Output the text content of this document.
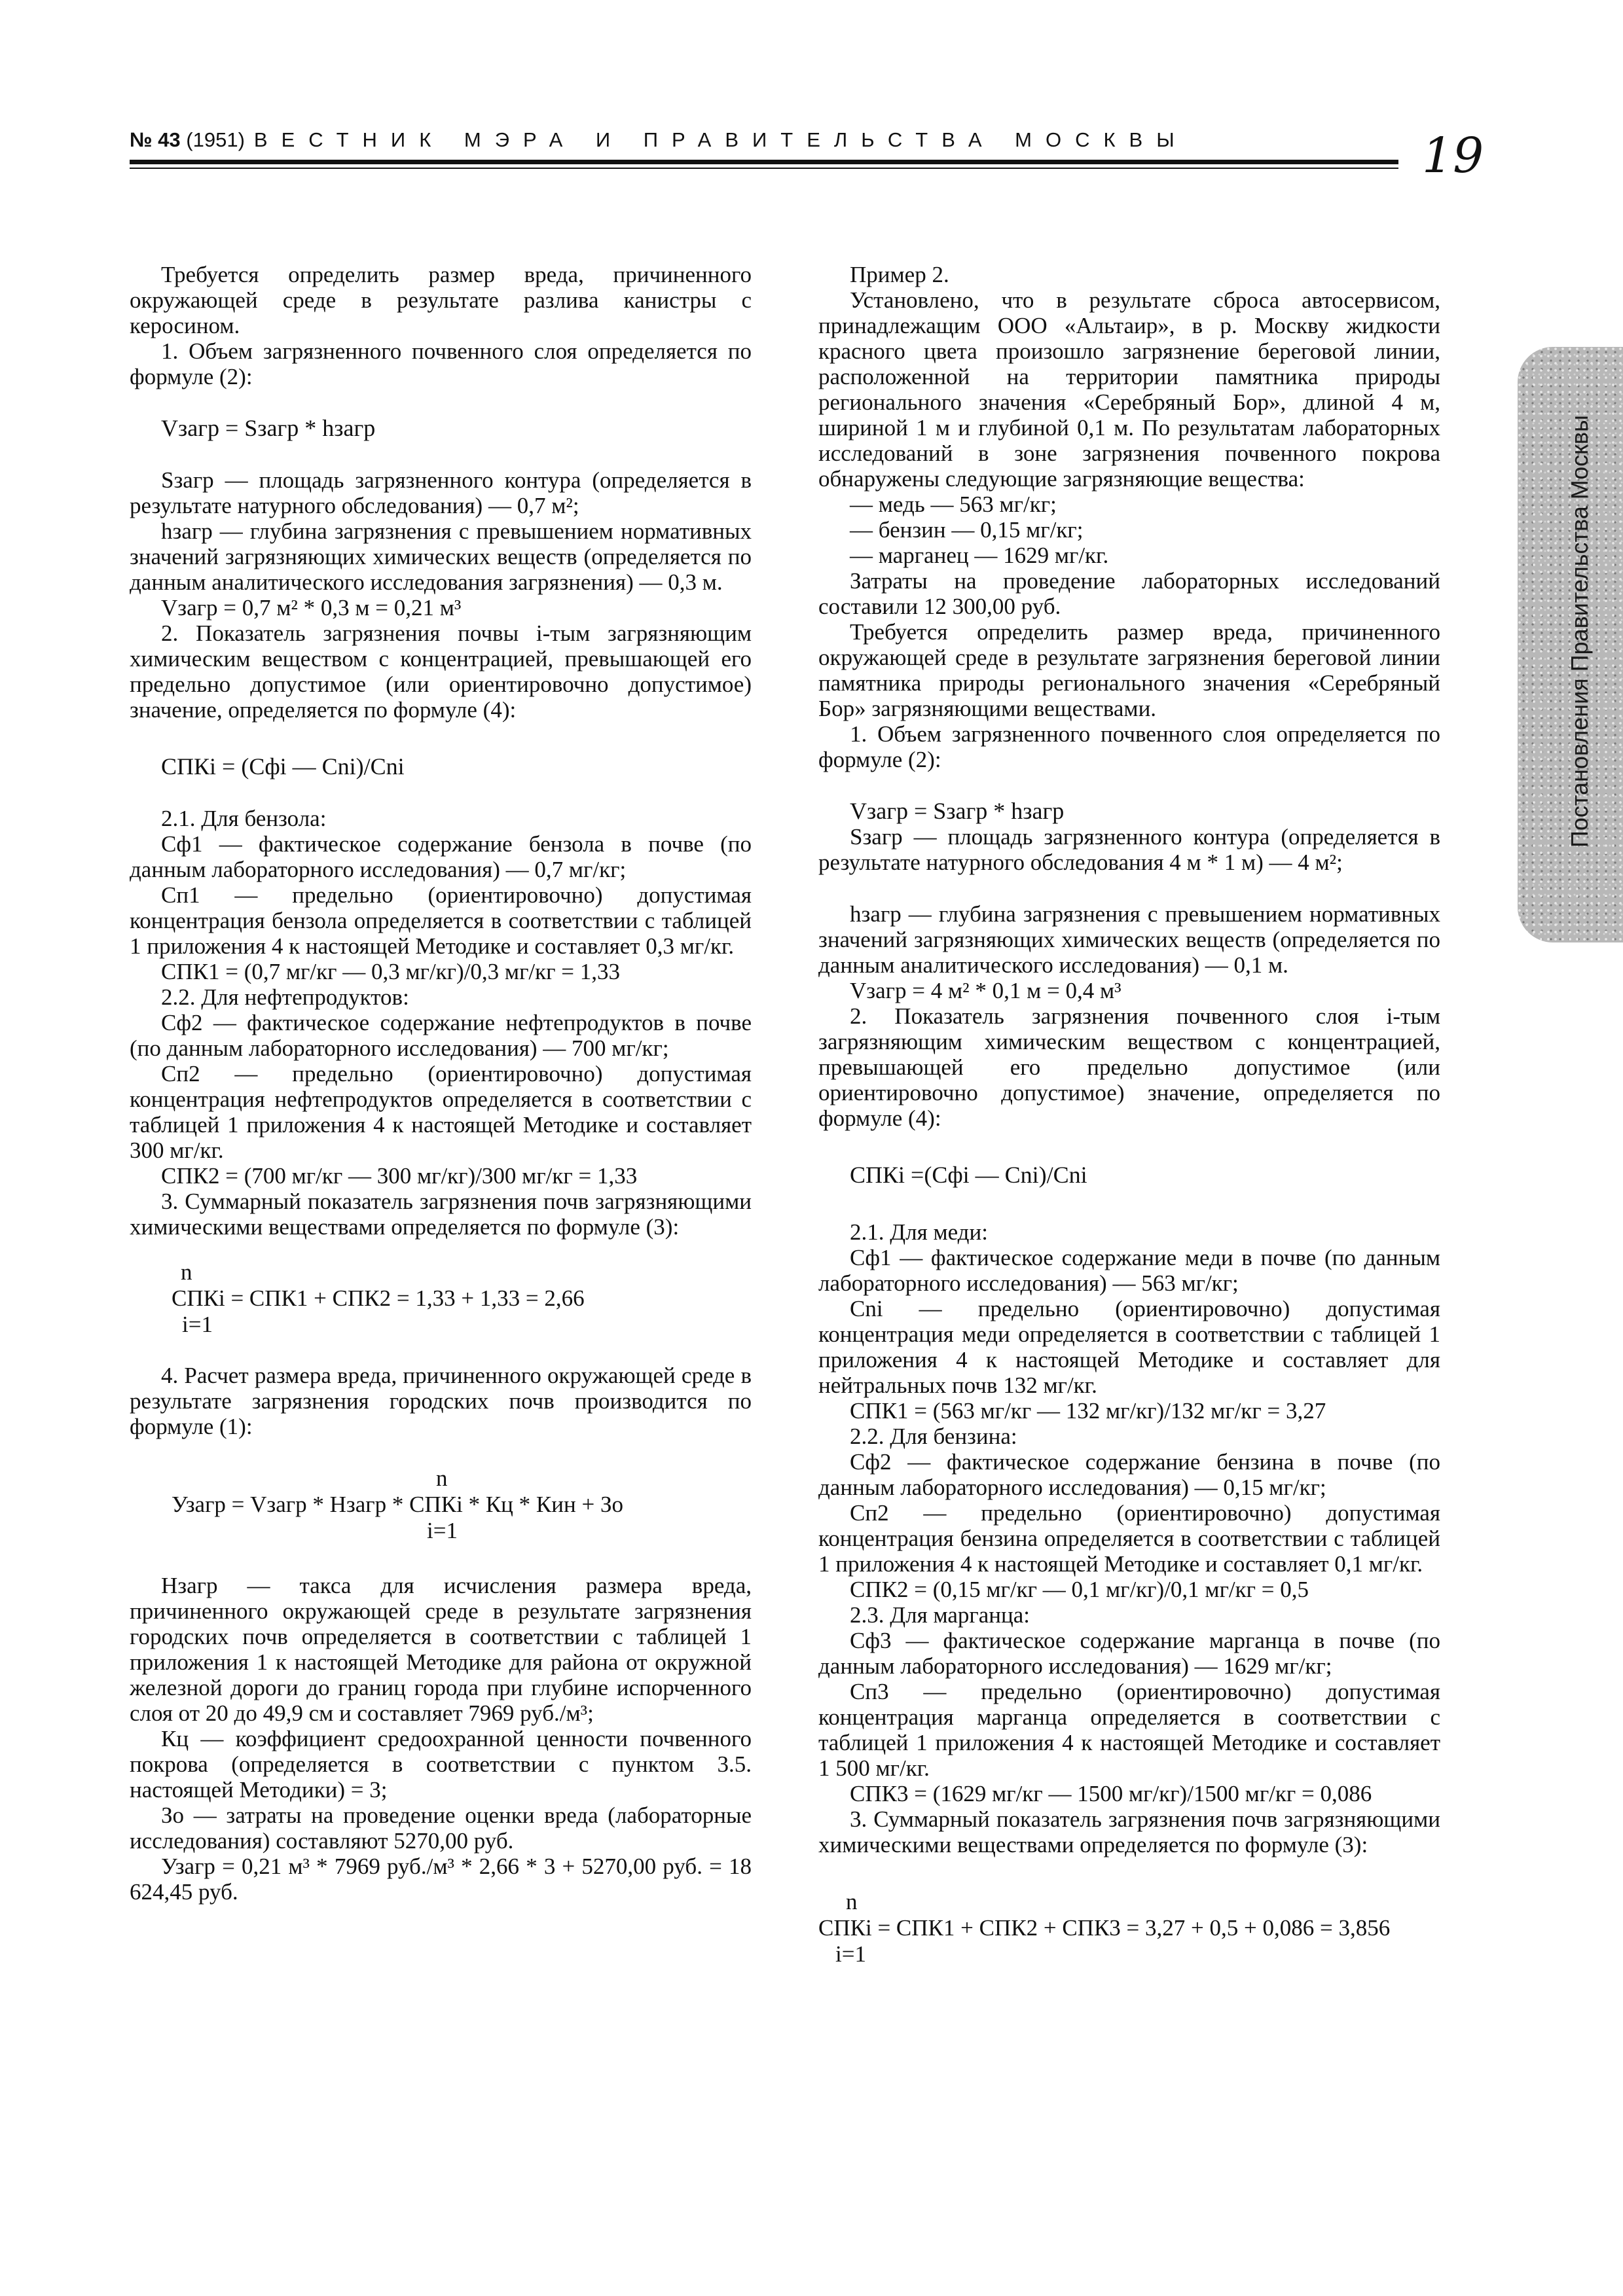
№ 43 (1951) ВЕСТНИК МЭРА И ПРАВИТЕЛЬСТВА МОСКВЫ	19
Постановления Правительства Москвы

Требуется определить размер вреда, причиненного окружающей среде в результате разлива канистры с керосином.

1. Объем загрязненного почвенного слоя определяется по формуле (2):

Vзагр = Sзагр * hзагр

Sзагр — площадь загрязненного контура (определяется в результате натурного обследования) — 0,7 м²;

hзагр — глубина загрязнения с превышением нормативных значений загрязняющих химических веществ (определяется по данным аналитического исследования загрязнения) — 0,3 м.

Vзагр = 0,7 м² * 0,3 м = 0,21 м³

2. Показатель загрязнения почвы i-тым загрязняющим химическим веществом с концентрацией, превышающей его предельно допустимое (или ориентировочно допустимое) значение, определяется по формуле (4):

СПКi = (Сфi — Сni)/Сni

2.1. Для бензола:

Сф1 — фактическое содержание бензола в почве (по данным лабораторного исследования) — 0,7 мг/кг;

Сп1 — предельно (ориентировочно) допустимая концентрация бензола определяется в соответствии с таблицей 1 приложения 4 к настоящей Методике и составляет 0,3 мг/кг.

СПК1 = (0,7 мг/кг — 0,3 мг/кг)/0,3 мг/кг = 1,33

2.2. Для нефтепродуктов:

Сф2 — фактическое содержание нефтепродуктов в почве (по данным лабораторного исследования) — 700 мг/кг;

Сп2 — предельно (ориентировочно) допустимая концентрация нефтепродуктов определяется в соответствии с таблицей 1 приложения 4 к настоящей Методике и составляет 300 мг/кг.

СПК2 = (700 мг/кг — 300 мг/кг)/300 мг/кг = 1,33

3. Суммарный показатель загрязнения почв загрязняющими химическими веществами определяется по формуле (3):

n
СПКi = СПК1 + СПК2 = 1,33 + 1,33 = 2,66
i=1

4. Расчет размера вреда, причиненного окружающей среде в результате загрязнения городских почв производится по формуле (1):

n
Узагр = Vзагр * Нзагр * СПКi * Кц * Кин + Зо
i=1

Нзагр — такса для исчисления размера вреда, причиненного окружающей среде в результате загрязнения городских почв определяется в соответствии с таблицей 1 приложения 1 к настоящей Методике для района от окружной железной дороги до границ города при глубине испорченного слоя от 20 до 49,9 см и составляет 7969 руб./м³;

Кц — коэффициент средоохранной ценности почвенного покрова (определяется в соответствии с пунктом 3.5. настоящей Методики) = 3;

Зо — затраты на проведение оценки вреда (лабораторные исследования) составляют 5270,00 руб.

Узагр = 0,21 м³ * 7969 руб./м³ * 2,66 * 3 + 5270,00 руб. = 18 624,45 руб.

Пример 2.

Установлено, что в результате сброса автосервисом, принадлежащим ООО «Альтаир», в р. Москву жидкости красного цвета произошло загрязнение береговой линии, расположенной на территории памятника природы регионального значения «Серебряный Бор», длиной 4 м, шириной 1 м и глубиной 0,1 м. По результатам лабораторных исследований в зоне загрязнения почвенного покрова обнаружены следующие загрязняющие вещества:

— медь — 563 мг/кг;

— бензин — 0,15 мг/кг;

— марганец — 1629 мг/кг.

Затраты на проведение лабораторных исследований составили 12 300,00 руб.

Требуется определить размер вреда, причиненного окружающей среде в результате загрязнения береговой линии памятника природы регионального значения «Серебряный Бор» загрязняющими веществами.

1. Объем загрязненного почвенного слоя определяется по формуле (2):

Vзагр = Sзагр * hзагр

Sзагр — площадь загрязненного контура (определяется в результате натурного обследования 4 м * 1 м) — 4 м²;

hзагр — глубина загрязнения с превышением нормативных значений загрязняющих химических веществ (определяется по данным аналитического исследования) — 0,1 м.

Vзагр = 4 м² * 0,1 м = 0,4 м³

2. Показатель загрязнения почвенного слоя i-тым загрязняющим химическим веществом с концентрацией, превышающей его предельно допустимое (или ориентировочно допустимое) значение, определяется по формуле (4):

СПКi =(Сфi — Сni)/Сni

2.1. Для меди:

Сф1 — фактическое содержание меди в почве (по данным лабораторного исследования) — 563 мг/кг;

Сni — предельно (ориентировочно) допустимая концентрация меди определяется в соответствии с таблицей 1 приложения 4 к настоящей Методике и составляет для нейтральных почв 132 мг/кг.

СПК1 = (563 мг/кг — 132 мг/кг)/132 мг/кг = 3,27

2.2. Для бензина:

Сф2 — фактическое содержание бензина в почве (по данным лабораторного исследования) — 0,15 мг/кг;

Сп2 — предельно (ориентировочно) допустимая концентрация бензина определяется в соответствии с таблицей 1 приложения 4 к настоящей Методике и составляет 0,1 мг/кг.

СПК2 = (0,15 мг/кг — 0,1 мг/кг)/0,1 мг/кг = 0,5

2.3. Для марганца:

Сф3 — фактическое содержание марганца в почве (по данным лабораторного исследования) — 1629 мг/кг;

Сп3 — предельно (ориентировочно) допустимая концентрация марганца определяется в соответствии с таблицей 1 приложения 4 к настоящей Методике и составляет 1 500 мг/кг.

СПК3 = (1629 мг/кг — 1500 мг/кг)/1500 мг/кг = 0,086

3. Суммарный показатель загрязнения почв загрязняющими химическими веществами определяется по формуле (3):

n
СПКi = СПК1 + СПК2 + СПК3 = 3,27 + 0,5 + 0,086 = 3,856
i=1
